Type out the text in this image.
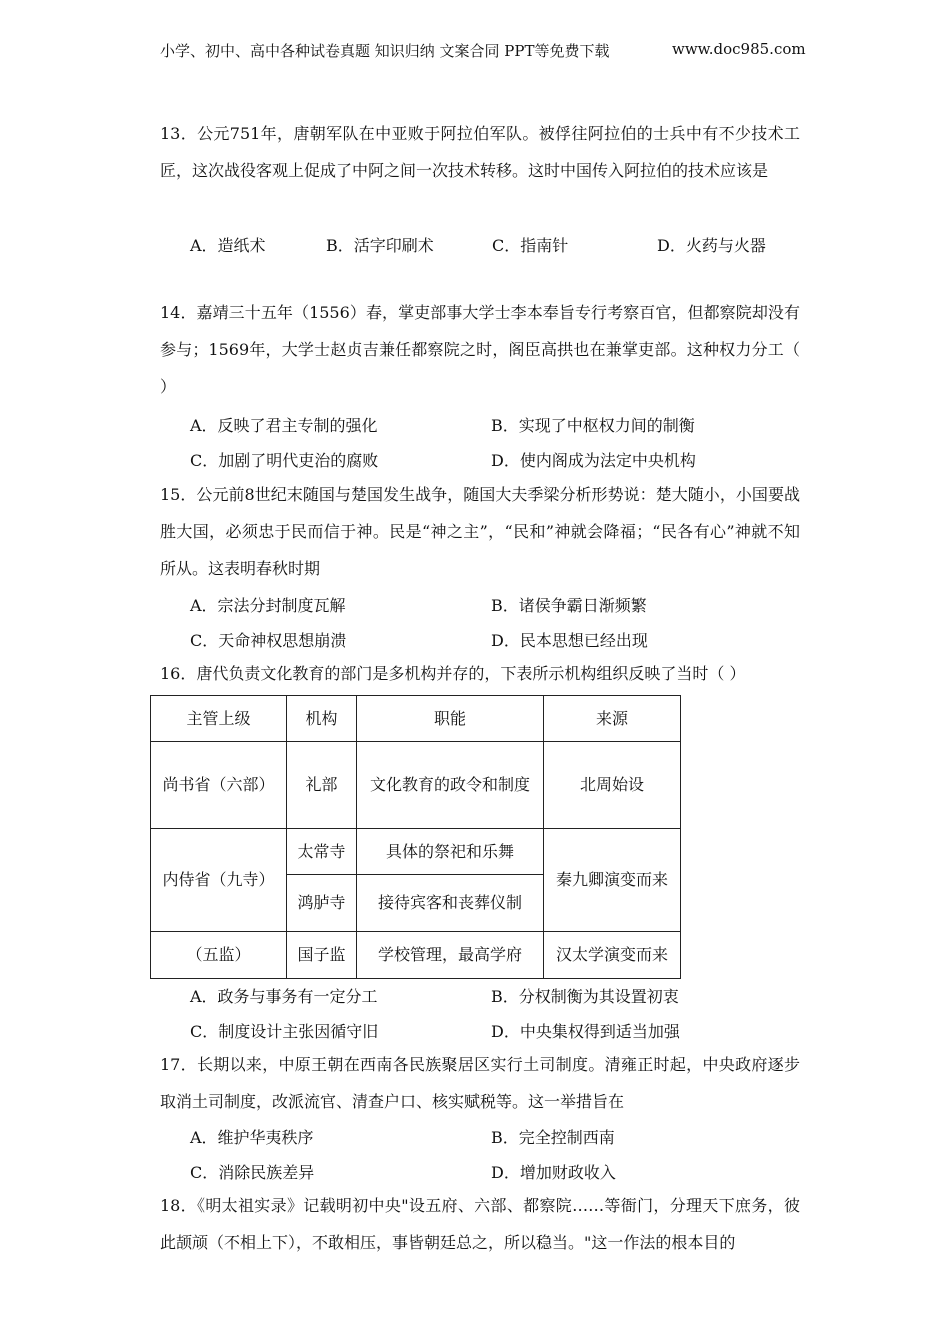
小学、初中、高中各种试卷真题 知识归纳 文案合同 PPT等免费下载	www.doc985.com

13．公元751年，唐朝军队在中亚败于阿拉伯军队。被俘往阿拉伯的士兵中有不少技术工匠，这次战役客观上促成了中阿之间一次技术转移。这时中国传入阿拉伯的技术应该是

A．造纸术	B．活字印刷术	C．指南针	D．火药与火器

14．嘉靖三十五年（1556）春，掌吏部事大学士李本奉旨专行考察百官，但都察院却没有参与；1569年，大学士赵贞吉兼任都察院之时，阁臣高拱也在兼掌吏部。这种权力分工（ ）

A．反映了君主专制的强化	B．实现了中枢权力间的制衡
C．加剧了明代吏治的腐败	D．使内阁成为法定中央机构

15．公元前8世纪末随国与楚国发生战争，随国大夫季梁分析形势说：楚大随小，小国要战胜大国，必须忠于民而信于神。民是“神之主”，“民和”神就会降福；“民各有心”神就不知所从。这表明春秋时期

A．宗法分封制度瓦解	B．诸侯争霸日渐频繁
C．天命神权思想崩溃	D．民本思想已经出现

16．唐代负责文化教育的部门是多机构并存的，下表所示机构组织反映了当时（ ）

主管上级	机构	职能	来源
尚书省（六部）	礼部	文化教育的政令和制度	北周始设
内侍省（九寺）	太常寺	具体的祭祀和乐舞	秦九卿演变而来
	鸿胪寺	接待宾客和丧葬仪制	
（五监）	国子监	学校管理，最高学府	汉太学演变而来
A．政务与事务有一定分工	B．分权制衡为其设置初衷
C．制度设计主张因循守旧	D．中央集权得到适当加强

17．长期以来，中原王朝在西南各民族聚居区实行土司制度。清雍正时起，中央政府逐步取消土司制度，改派流官、清查户口、核实赋税等。这一举措旨在

A．维护华夷秩序	B．完全控制西南
C．消除民族差异	D．增加财政收入

18．《明太祖实录》记载明初中央"设五府、六部、都察院……等衙门，分理天下庶务，彼此颉颃（不相上下），不敢相压，事皆朝廷总之，所以稳当。"这一作法的根本目的
